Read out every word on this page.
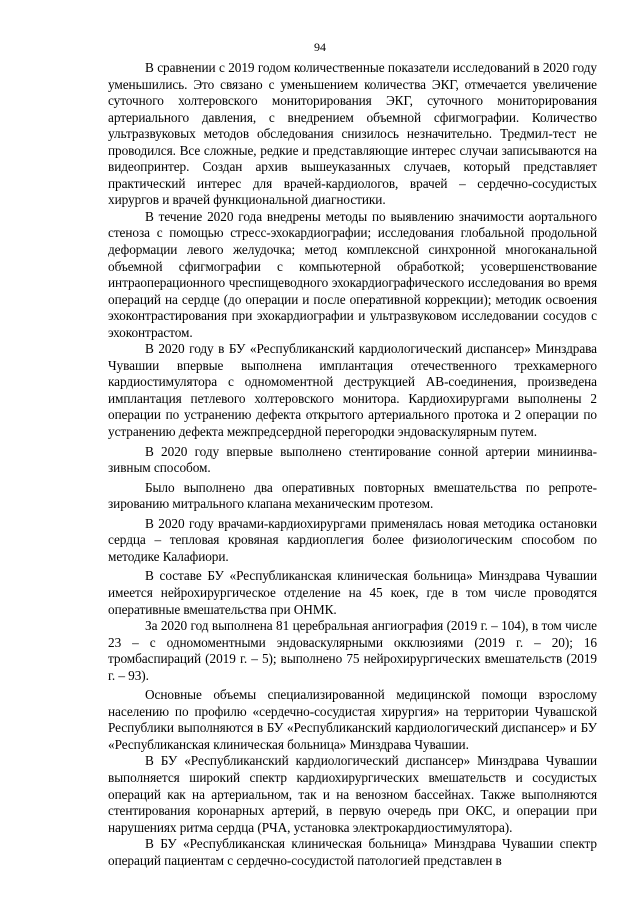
94

В сравнении с 2019 годом количественные показатели исследований в 2020 году уменьшились. Это связано с уменьшением количества ЭКГ, отмечается увеличение суточного холтеровского мониторирования ЭКГ, суточного мониторирования артериального давления, с внедрением объемной сфигмографии. Количество ультразвуковых методов обследования снизилось незначительно. Тредмил-тест не проводился. Все сложные, редкие и представляющие интерес случаи записываются на видеопринтер. Создан архив вышеуказанных случаев, который представляет практический интерес для врачей-кардиологов, врачей – сердечно-сосудистых хирургов и врачей функциональной диагностики.

В течение 2020 года внедрены методы по выявлению значимости аортального стеноза с помощью стресс-эхокардиографии; исследования глобальной продольной деформации левого желудочка; метод комплексной синхронной многоканальной объемной сфигмографии с компьютерной обработкой; усовершенствование интраоперационного чреспищеводного эхокардиографического исследования во время операций на сердце (до операции и после оперативной коррекции); методик освоения эхоконтрастирования при эхокардиографии и ультразвуковом исследовании сосудов с эхоконтрастом.

В 2020 году в БУ «Республиканский кардиологический диспансер» Минздрава Чувашии впервые выполнена имплантация отечественного трехкамерного кардиостимулятора с одномоментной деструкцией АВ-соединения, произведена имплантация петлевого холтеровского монитора. Кардиохирургами выполнены 2 операции по устранению дефекта открытого артериального протока и 2 операции по устранению дефекта межпредсердной перегородки эндоваскулярным путем.

В 2020 году впервые выполнено стентирование сонной артерии миниинвазивным способом.

Было выполнено два оперативных повторных вмешательства по репротезированию митрального клапана механическим протезом.

В 2020 году врачами-кардиохирургами применялась новая методика остановки сердца – тепловая кровяная кардиоплегия более физиологическим способом по методике Калафиори.

В составе БУ «Республиканская клиническая больница» Минздрава Чувашии имеется нейрохирургическое отделение на 45 коек, где в том числе проводятся оперативные вмешательства при ОНМК.

За 2020 год выполнена 81 церебральная ангиография (2019 г. – 104), в том числе 23 – с одномоментными эндоваскулярными окклюзиями (2019 г. – 20); 16 тромбаспираций (2019 г. – 5); выполнено 75 нейрохирургических вмешательств (2019 г. – 93).

Основные объемы специализированной медицинской помощи взрослому населению по профилю «сердечно-сосудистая хирургия» на территории Чувашской Республики выполняются в БУ «Республиканский кардиологический диспансер» и БУ «Республиканская клиническая больница» Минздрава Чувашии.

В БУ «Республиканский кардиологический диспансер» Минздрава Чувашии выполняется широкий спектр кардиохирургических вмешательств и сосудистых операций как на артериальном, так и на венозном бассейнах. Также выполняются стентирования коронарных артерий, в первую очередь при ОКС, и операции при нарушениях ритма сердца (РЧА, установка электрокардиостимулятора).

В БУ «Республиканская клиническая больница» Минздрава Чувашии спектр операций пациентам с сердечно-сосудистой патологией представлен в
